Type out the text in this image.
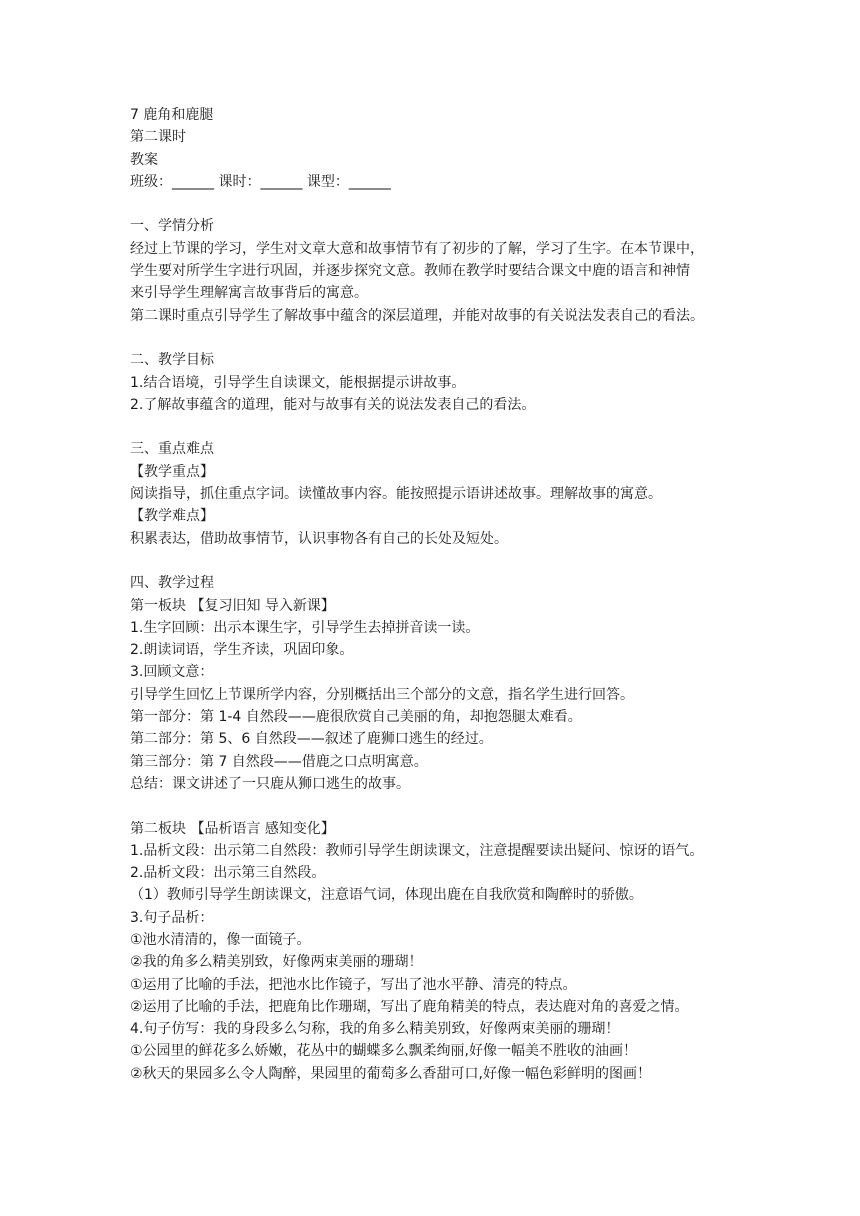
7 鹿角和鹿腿
第二课时
教案
班级：______ 课时：______ 课型：______
一、学情分析
经过上节课的学习，学生对文章大意和故事情节有了初步的了解，学习了生字。在本节课中，
学生要对所学生字进行巩固，并逐步探究文意。教师在教学时要结合课文中鹿的语言和神情
来引导学生理解寓言故事背后的寓意。
第二课时重点引导学生了解故事中蕴含的深层道理，并能对故事的有关说法发表自己的看法。
二、教学目标
1.结合语境，引导学生自读课文，能根据提示讲故事。
2.了解故事蕴含的道理，能对与故事有关的说法发表自己的看法。
三、重点难点
【教学重点】
阅读指导，抓住重点字词。读懂故事内容。能按照提示语讲述故事。理解故事的寓意。
【教学难点】
积累表达，借助故事情节，认识事物各有自己的长处及短处。
四、教学过程
第一板块 【复习旧知 导入新课】
1.生字回顾：出示本课生字，引导学生去掉拼音读一读。
2.朗读词语，学生齐读，巩固印象。
3.回顾文意：
引导学生回忆上节课所学内容，分别概括出三个部分的文意，指名学生进行回答。
第一部分：第 1-4 自然段——鹿很欣赏自己美丽的角，却抱怨腿太难看。
第二部分：第 5、6 自然段——叙述了鹿狮口逃生的经过。
第三部分：第 7 自然段——借鹿之口点明寓意。
总结：课文讲述了一只鹿从狮口逃生的故事。
第二板块 【品析语言 感知变化】
1.品析文段：出示第二自然段：教师引导学生朗读课文，注意提醒要读出疑问、惊讶的语气。
2.品析文段：出示第三自然段。
（1）教师引导学生朗读课文，注意语气词，体现出鹿在自我欣赏和陶醉时的骄傲。
3.句子品析：
①池水清清的，像一面镜子。
②我的角多么精美别致，好像两束美丽的珊瑚！
①运用了比喻的手法，把池水比作镜子，写出了池水平静、清亮的特点。
②运用了比喻的手法，把鹿角比作珊瑚，写出了鹿角精美的特点，表达鹿对角的喜爱之情。
4.句子仿写：我的身段多么匀称，我的角多么精美别致，好像两束美丽的珊瑚！
①公园里的鲜花多么娇嫩，花丛中的蝴蝶多么飘柔绚丽,好像一幅美不胜收的油画！
②秋天的果园多么令人陶醉，果园里的葡萄多么香甜可口,好像一幅色彩鲜明的图画！
